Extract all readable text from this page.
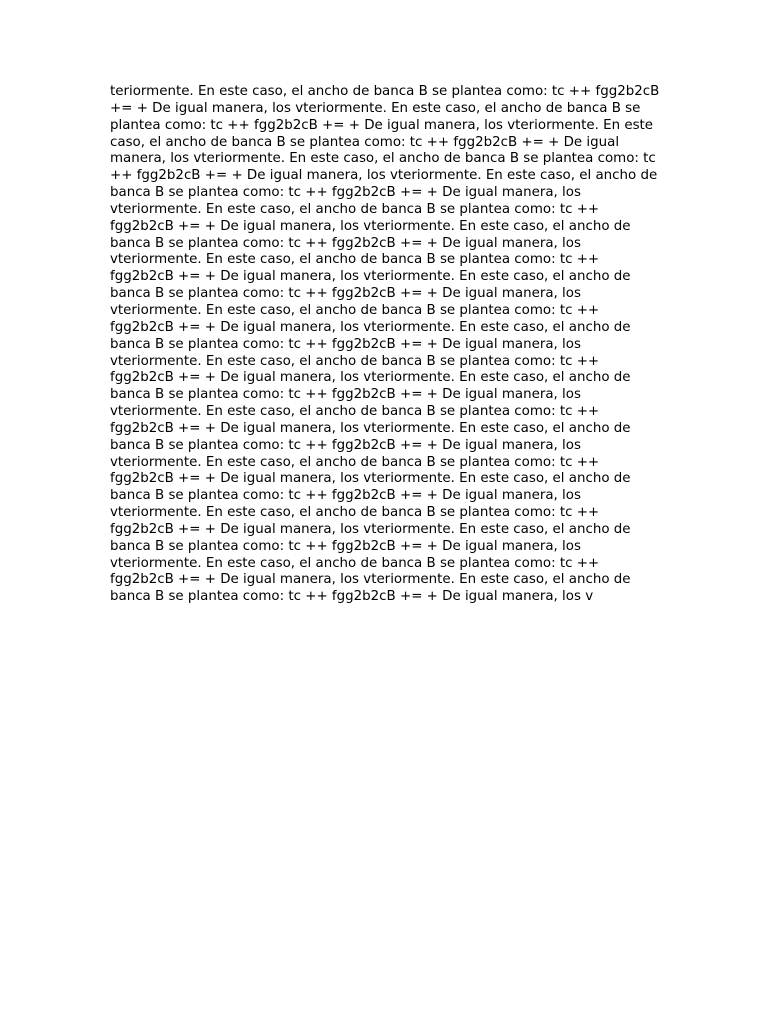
teriormente. En este caso, el ancho de banca B se plantea como: tc ++ fgg2b2cB += + De igual manera, los vteriormente. En este caso, el ancho de banca B se plantea como: tc ++ fgg2b2cB += + De igual manera, los vteriormente. En este caso, el ancho de banca B se plantea como: tc ++ fgg2b2cB += + De igual manera, los vteriormente. En este caso, el ancho de banca B se plantea como: tc ++ fgg2b2cB += + De igual manera, los vteriormente. En este caso, el ancho de banca B se plantea como: tc ++ fgg2b2cB += + De igual manera, los vteriormente. En este caso, el ancho de banca B se plantea como: tc ++ fgg2b2cB += + De igual manera, los vteriormente. En este caso, el ancho de banca B se plantea como: tc ++ fgg2b2cB += + De igual manera, los vteriormente. En este caso, el ancho de banca B se plantea como: tc ++ fgg2b2cB += + De igual manera, los vteriormente. En este caso, el ancho de banca B se plantea como: tc ++ fgg2b2cB += + De igual manera, los vteriormente. En este caso, el ancho de banca B se plantea como: tc ++ fgg2b2cB += + De igual manera, los vteriormente. En este caso, el ancho de banca B se plantea como: tc ++ fgg2b2cB += + De igual manera, los vteriormente. En este caso, el ancho de banca B se plantea como: tc ++ fgg2b2cB += + De igual manera, los vteriormente. En este caso, el ancho de banca B se plantea como: tc ++ fgg2b2cB += + De igual manera, los vteriormente. En este caso, el ancho de banca B se plantea como: tc ++ fgg2b2cB += + De igual manera, los vteriormente. En este caso, el ancho de banca B se plantea como: tc ++ fgg2b2cB += + De igual manera, los vteriormente. En este caso, el ancho de banca B se plantea como: tc ++ fgg2b2cB += + De igual manera, los vteriormente. En este caso, el ancho de banca B se plantea como: tc ++ fgg2b2cB += + De igual manera, los vteriormente. En este caso, el ancho de banca B se plantea como: tc ++ fgg2b2cB += + De igual manera, los vteriormente. En este caso, el ancho de banca B se plantea como: tc ++ fgg2b2cB += + De igual manera, los vteriormente. En este caso, el ancho de banca B se plantea como: tc ++ fgg2b2cB += + De igual manera, los vteriormente. En este caso, el ancho de banca B se plantea como: tc ++ fgg2b2cB += + De igual manera, los v
